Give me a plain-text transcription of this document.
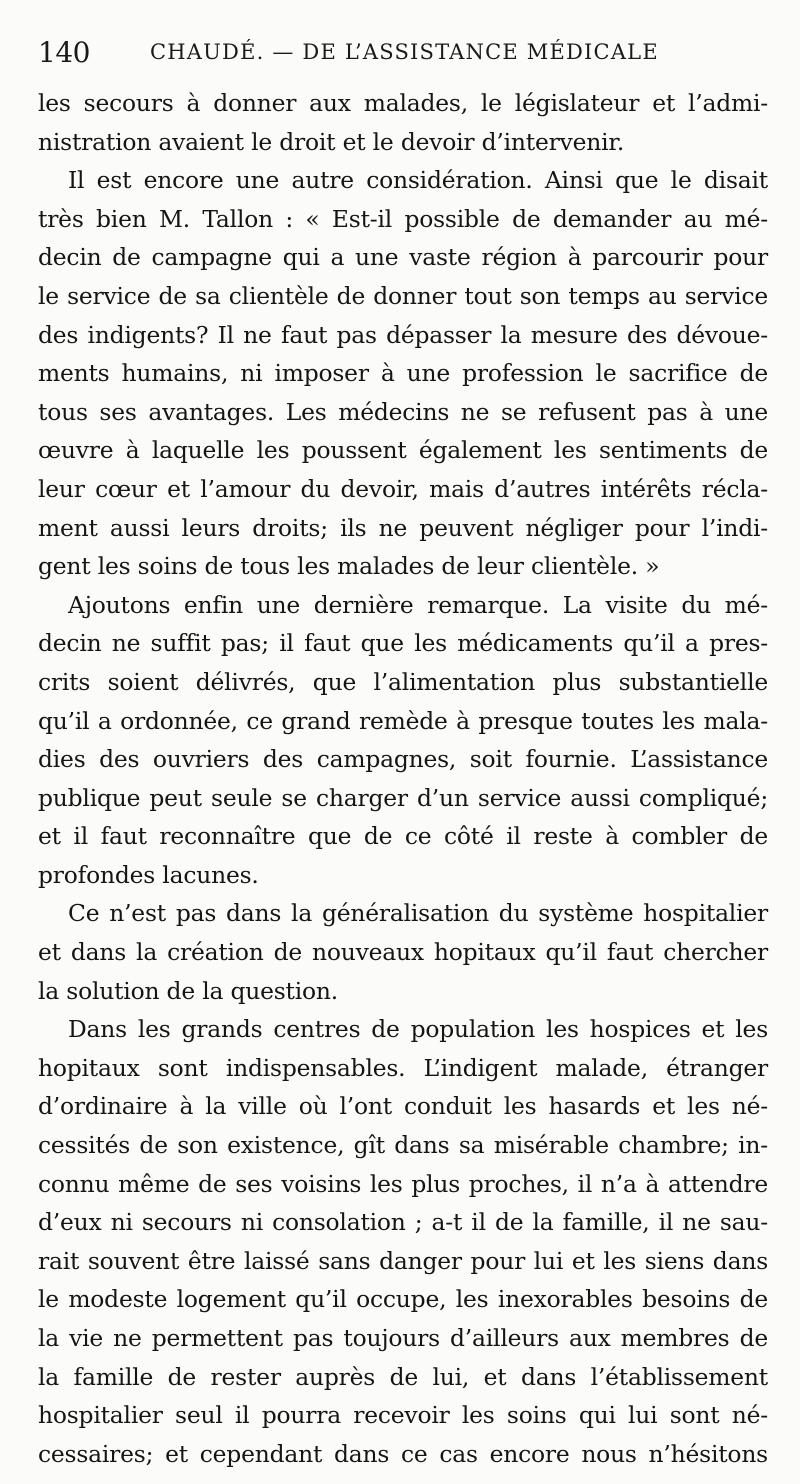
140	CHAUDÉ. — DE L’ASSISTANCE MÉDICALE
les secours à donner aux malades, le législateur et l’admi-
nistration avaient le droit et le devoir d’intervenir.
Il est encore une autre considération. Ainsi que le disait
très bien M. Tallon : « Est-il possible de demander au mé-
decin de campagne qui a une vaste région à parcourir pour
le service de sa clientèle de donner tout son temps au service
des indigents? Il ne faut pas dépasser la mesure des dévoue-
ments humains, ni imposer à une profession le sacrifice de
tous ses avantages. Les médecins ne se refusent pas à une
œuvre à laquelle les poussent également les sentiments de
leur cœur et l’amour du devoir, mais d’autres intérêts récla-
ment aussi leurs droits; ils ne peuvent négliger pour l’indi-
gent les soins de tous les malades de leur clientèle. »
Ajoutons enfin une dernière remarque. La visite du mé-
decin ne suffit pas; il faut que les médicaments qu’il a pres-
crits soient délivrés, que l’alimentation plus substantielle
qu’il a ordonnée, ce grand remède à presque toutes les mala-
dies des ouvriers des campagnes, soit fournie. L’assistance
publique peut seule se charger d’un service aussi compliqué;
et il faut reconnaître que de ce côté il reste à combler de
profondes lacunes.
Ce n’est pas dans la généralisation du système hospitalier
et dans la création de nouveaux hopitaux qu’il faut chercher
la solution de la question.
Dans les grands centres de population les hospices et les
hopitaux sont indispensables. L’indigent malade, étranger
d’ordinaire à la ville où l’ont conduit les hasards et les né-
cessités de son existence, gît dans sa misérable chambre; in-
connu même de ses voisins les plus proches, il n’a à attendre
d’eux ni secours ni consolation ; a-t il de la famille, il ne sau-
rait souvent être laissé sans danger pour lui et les siens dans
le modeste logement qu’il occupe, les inexorables besoins de
la vie ne permettent pas toujours d’ailleurs aux membres de
la famille de rester auprès de lui, et dans l’établissement
hospitalier seul il pourra recevoir les soins qui lui sont né-
cessaires; et cependant dans ce cas encore nous n’hésitons
